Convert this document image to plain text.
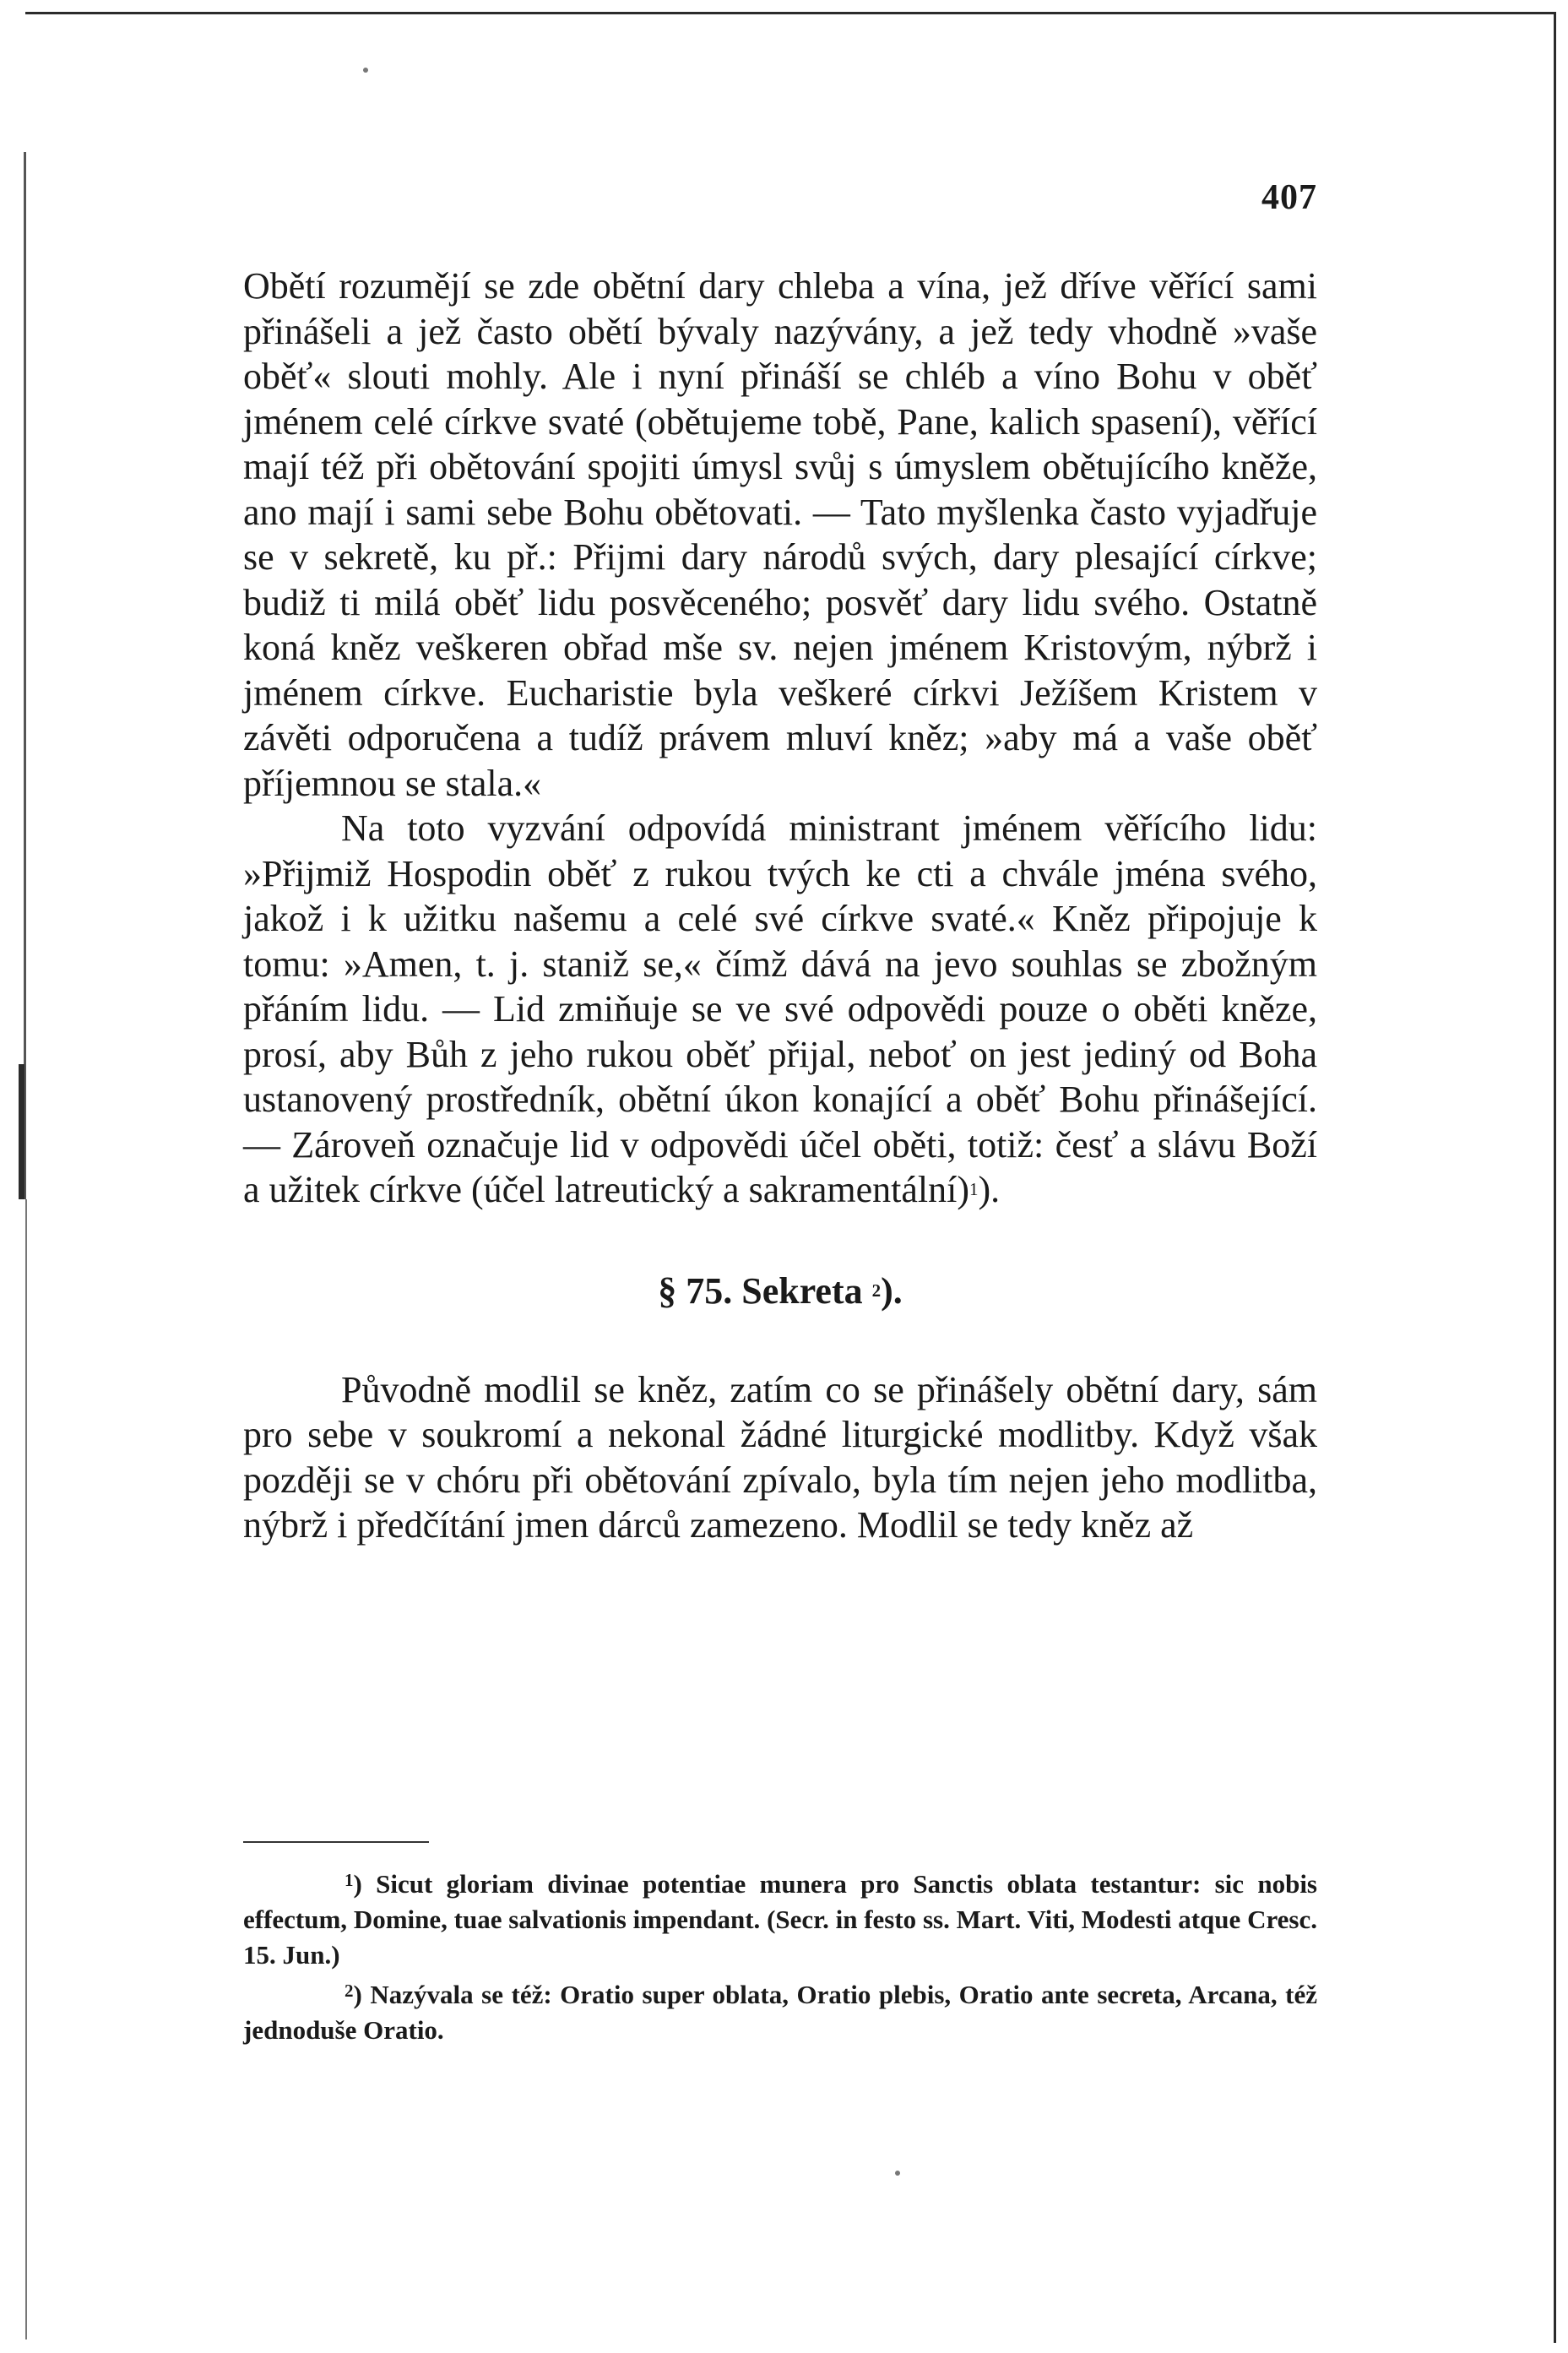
407

Obětí rozumějí se zde obětní dary chleba a vína, jež dříve věřící sami přinášeli a jež často obětí bývaly nazývány, a jež tedy vhodně »vaše oběť« slouti mohly. Ale i nyní přináší se chléb a víno Bohu v oběť jménem celé církve svaté (obětujeme tobě, Pane, kalich spasení), věřící mají též při obětování spojiti úmysl svůj s úmyslem obětujícího kněže, ano mají i sami sebe Bohu obětovati. — Tato myšlenka často vyjadřuje se v sekretě, ku př.: Přijmi dary národů svých, dary plesající církve; budiž ti milá oběť lidu posvěceného; posvěť dary lidu svého. Ostatně koná kněz veškeren obřad mše sv. nejen jménem Kristovým, nýbrž i jménem církve. Eucharistie byla veškeré církvi Ježíšem Kristem v závěti odporučena a tudíž právem mluví kněz; »aby má a vaše oběť příjemnou se stala.«

Na toto vyzvání odpovídá ministrant jménem věřícího lidu: »Přijmiž Hospodin oběť z rukou tvých ke cti a chvále jména svého, jakož i k užitku našemu a celé své církve svaté.« Kněz připojuje k tomu: »Amen, t. j. staniž se,« čímž dává na jevo souhlas se zbožným přáním lidu. — Lid zmiňuje se ve své odpovědi pouze o oběti kněze, prosí, aby Bůh z jeho rukou oběť přijal, neboť on jest jediný od Boha ustanovený prostředník, obětní úkon konající a oběť Bohu přinášející. — Zároveň označuje lid v odpovědi účel oběti, totiž: česť a slávu Boží a užitek církve (účel latreutický a sakramentální)$^1$).

§ 75. Sekreta $^2$).

Původně modlil se kněz, zatím co se přinášely obětní dary, sám pro sebe v soukromí a nekonal žádné liturgické modlitby. Když však později se v chóru při obětování zpívalo, byla tím nejen jeho modlitba, nýbrž i předčítání jmen dárců zamezeno. Modlil se tedy kněz až

$^1$) Sicut gloriam divinae potentiae munera pro Sanctis oblata testantur: sic nobis effectum, Domine, tuae salvationis impendant. (Secr. in festo ss. Mart. Viti, Modesti atque Cresc. 15. Jun.)

$^2$) Nazývala se též: Oratio super oblata, Oratio plebis, Oratio ante secreta, Arcana, též jednoduše Oratio.
